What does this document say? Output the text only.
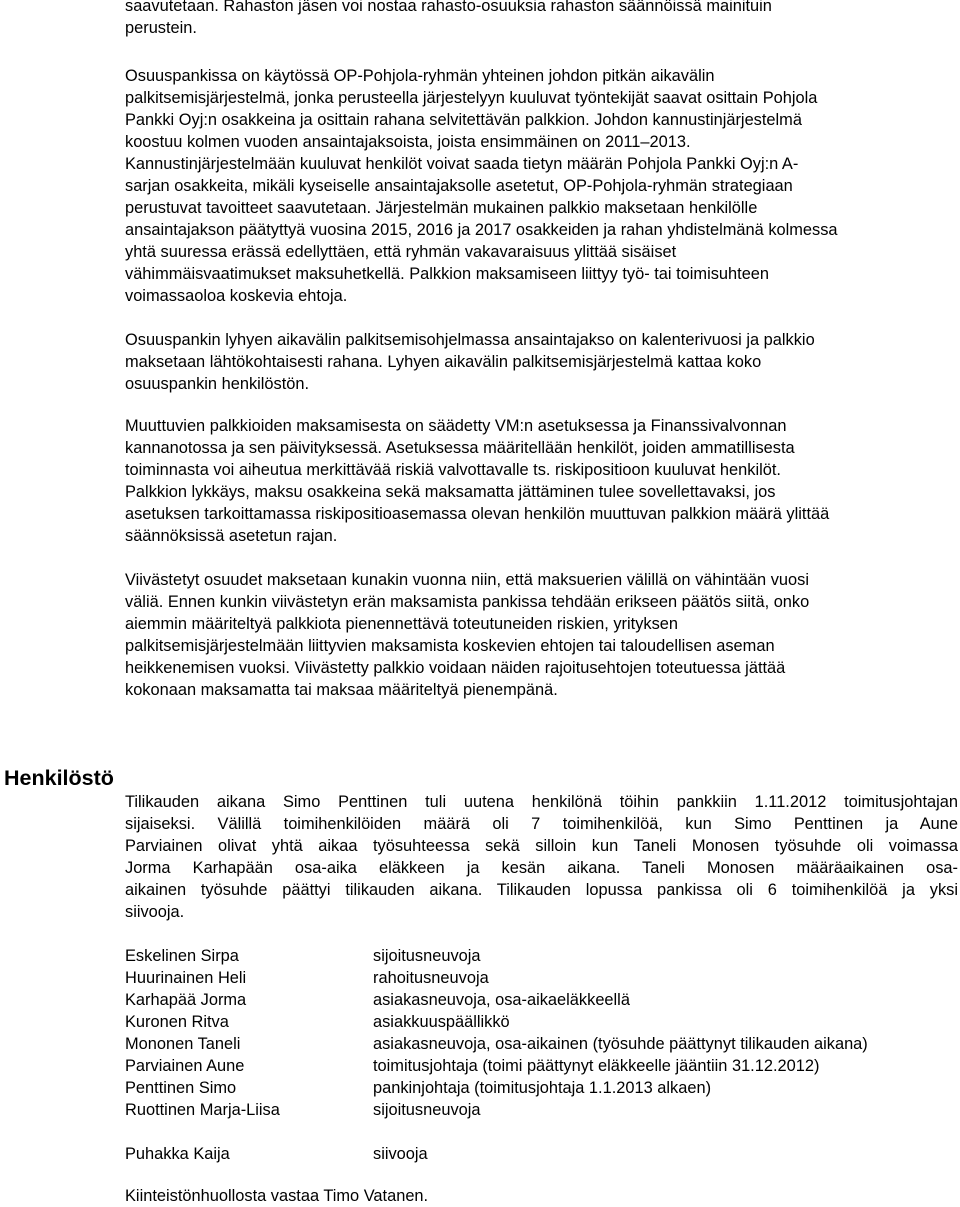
saavutetaan. Rahaston jäsen voi nostaa rahasto-osuuksia rahaston säännöissä mainituin
perustein.

Osuuspankissa on käytössä OP-Pohjola-ryhmän yhteinen johdon pitkän aikavälin
palkitsemisjärjestelmä, jonka perusteella järjestelyyn kuuluvat työntekijät saavat osittain Pohjola
Pankki Oyj:n osakkeina ja osittain rahana selvitettävän palkkion. Johdon kannustinjärjestelmä
koostuu kolmen vuoden ansaintajaksoista, joista ensimmäinen on 2011–2013.
Kannustinjärjestelmään kuuluvat henkilöt voivat saada tietyn määrän Pohjola Pankki Oyj:n A-
sarjan osakkeita, mikäli kyseiselle ansaintajaksolle asetetut, OP-Pohjola-ryhmän strategiaan
perustuvat tavoitteet saavutetaan. Järjestelmän mukainen palkkio maksetaan henkilölle
ansaintajakson päätyttyä vuosina 2015, 2016 ja 2017 osakkeiden ja rahan yhdistelmänä kolmessa
yhtä suuressa erässä edellyttäen, että ryhmän vakavaraisuus ylittää sisäiset
vähimmäisvaatimukset maksuhetkellä. Palkkion maksamiseen liittyy työ- tai toimisuhteen
voimassaoloa koskevia ehtoja.

Osuuspankin lyhyen aikavälin palkitsemisohjelmassa ansaintajakso on kalenterivuosi ja palkkio
maksetaan lähtökohtaisesti rahana. Lyhyen aikavälin palkitsemisjärjestelmä kattaa koko
osuuspankin henkilöstön.

Muuttuvien palkkioiden maksamisesta on säädetty VM:n asetuksessa ja Finanssivalvonnan
kannanotossa ja sen päivityksessä. Asetuksessa määritellään henkilöt, joiden ammatillisesta
toiminnasta voi aiheutua merkittävää riskiä valvottavalle ts. riskipositioon kuuluvat henkilöt.
Palkkion lykkäys, maksu osakkeina sekä maksamatta jättäminen tulee sovellettavaksi, jos
asetuksen tarkoittamassa riskipositioasemassa olevan henkilön muuttuvan palkkion määrä ylittää
säännöksissä asetetun rajan.

Viivästetyt osuudet maksetaan kunakin vuonna niin, että maksuerien välillä on vähintään vuosi
väliä. Ennen kunkin viivästetyn erän maksamista pankissa tehdään erikseen päätös siitä, onko
aiemmin määriteltyä palkkiota pienennettävä toteutuneiden riskien, yrityksen
palkitsemisjärjestelmään liittyvien maksamista koskevien ehtojen tai taloudellisen aseman
heikkenemisen vuoksi. Viivästetty palkkio voidaan näiden rajoitusehtojen toteutuessa jättää
kokonaan maksamatta tai maksaa määriteltyä pienempänä.

Henkilöstö

Tilikauden aikana Simo Penttinen tuli uutena henkilönä töihin pankkiin 1.11.2012 toimitusjohtajan
sijaiseksi. Välillä toimihenkilöiden määrä oli 7 toimihenkilöä, kun Simo Penttinen ja Aune
Parviainen olivat yhtä aikaa työsuhteessa sekä silloin kun Taneli Monosen työsuhde oli voimassa
Jorma Karhapään osa-aika eläkkeen ja kesän aikana. Taneli Monosen määräaikainen osa-
aikainen työsuhde päättyi tilikauden aikana. Tilikauden lopussa pankissa oli 6 toimihenkilöä ja yksi
siivooja.

Eskelinen Sirpa	sijoitusneuvoja
Huurinainen Heli	rahoitusneuvoja
Karhapää Jorma	asiakasneuvoja, osa-aikaeläkkeellä
Kuronen Ritva	asiakkuuspäällikkö
Mononen Taneli	asiakasneuvoja, osa-aikainen (työsuhde päättynyt tilikauden aikana)
Parviainen Aune	toimitusjohtaja (toimi päättynyt eläkkeelle jääntiin 31.12.2012)
Penttinen Simo	pankinjohtaja (toimitusjohtaja 1.1.2013 alkaen)
Ruottinen Marja-Liisa	sijoitusneuvoja
Puhakka Kaija	siivooja

Kiinteistönhuollosta vastaa Timo Vatanen.
